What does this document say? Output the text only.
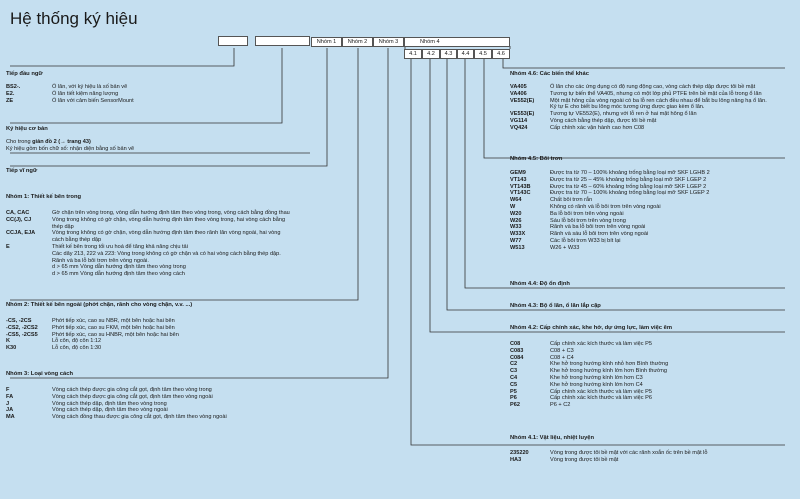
Hệ thống ký hiệu
Nhóm 1	Nhóm 2	Nhóm 3	Nhóm 4
4.1	4.2	4.3	4.4	4.5	4.6
Tiếp đầu ngữ
BS2-.	Ổ lăn, với ký hiệu là số bản vẽ
E2.	Ổ lăn tiết kiệm năng lượng
ZE	Ổ lăn với cảm biến SensorMount
Ký hiệu cơ bản
Cho trong giản đồ 2 (→ trang 43)
Ký hiệu gồm bốn chữ số: nhận diện bằng số bản vẽ
Tiếp vĩ ngữ
Nhóm 1: Thiết kế bên trong
CA, CAC	Gờ chặn trên vòng trong, vòng dẫn hướng định tâm theo vòng trong, vòng cách bằng đồng thau
CC(J), CJ	Vòng trong không có gờ chặn, vòng dẫn hướng định tâm theo vòng trong, hai vòng cách bằng
thép dập
CCJA, EJA	Vòng trong không có gờ chặn, vòng dẫn hướng định tâm theo rãnh lăn vòng ngoài, hai vòng
cách bằng thép dập
E	Thiết kế bên trong tối ưu hoá để tăng khả năng chịu tải
Các dãy 213, 222 và 223: Vòng trong không có gờ chặn và có hai vòng cách bằng thép dập.
Rãnh và ba lỗ bôi trơn trên vòng ngoài.
d > 65 mm Vòng dẫn hướng định tâm theo vòng trong
d > 65 mm Vòng dẫn hướng định tâm theo vòng cách
Nhóm 2: Thiết kế bên ngoài (phớt chặn, rãnh cho vòng chặn, v.v. ...)
-CS, -2CS	Phớt tiếp xúc, cao su NBR, một bên hoặc hai bên
-CS2, -2CS2	Phớt tiếp xúc, cao su FKM, một bên hoặc hai bên
-CS5, -2CS5	Phớt tiếp xúc, cao su HNBR, một bên hoặc hai bên
K	Lỗ côn, độ côn 1:12
K30	Lỗ côn, độ côn 1:30
Nhóm 3: Loại vòng cách
F	Vòng cách thép được gia công cắt gọt, định tâm theo vòng trong
FA	Vòng cách thép được gia công cắt gọt, định tâm theo vòng ngoài
J	Vòng cách thép dập, định tâm theo vòng trong
JA	Vòng cách thép dập, định tâm theo vòng ngoài
MA	Vòng cách đồng thau được gia công cắt gọt, định tâm theo vòng ngoài
Nhóm 4.6: Các biến thể khác
VA405	Ổ lăn cho các ứng dụng có độ rung động cao, vòng cách thép dập được tôi bề mặt
VA406	Tương tự biến thể VA405, nhưng có một lớp phủ PTFE trên bề mặt của lỗ trong ổ lăn
VE552(E)	Một mặt hông của vòng ngoài có ba lỗ ren cách đều nhau để bắt bu lông nâng hạ ổ lăn.
Ký tự E cho biết bu lông móc tương ứng được giao kèm ổ lăn.
VE553(E)	Tương tự VE552(E), nhưng với lỗ ren ở hai mặt hông ổ lăn
VG114	Vòng cách bằng thép dập, được tôi bề mặt
VQ424	Cấp chính xác vận hành cao hơn C08
Nhóm 4.5: Bôi trơn
GEM9	Được tra từ 70 – 100% khoảng trống bằng loại mỡ SKF LGHB 2
VT143	Được tra từ 25 – 45% khoảng trống bằng loại mỡ SKF LGEP 2
VT143B	Được tra từ 45 – 60% khoảng trống bằng loại mỡ SKF LGEP 2
VT143C	Được tra từ 70 – 100% khoảng trống bằng loại mỡ SKF LGEP 2
W64	Chất bôi trơn rắn
W	Không có rãnh và lỗ bôi trơn trên vòng ngoài
W20	Ba lỗ bôi trơn trên vòng ngoài
W26	Sáu lỗ bôi trơn trên vòng trong
W33	Rãnh và ba lỗ bôi trơn trên vòng ngoài
W33X	Rãnh và sáu lỗ bôi trơn trên vòng ngoài
W77	Các lỗ bôi trơn W33 bị bít lại
W513	W26 + W33
Nhóm 4.4: Độ ổn định
Nhóm 4.3: Bộ ổ lăn, ổ lăn lắp cặp
Nhóm 4.2: Cấp chính xác, khe hở, dự ứng lực, làm việc êm
C08	Cấp chính xác kích thước và làm việc P5
C083	C08 + C3
C084	C08 + C4
C2	Khe hở trong hướng kính nhỏ hơn Bình thường
C3	Khe hở trong hướng kính lớn hơn Bình thường
C4	Khe hở trong hướng kính lớn hơn C3
C5	Khe hở trong hướng kính lớn hơn C4
P5	Cấp chính xác kích thước và làm việc P5
P6	Cấp chính xác kích thước và làm việc P6
P62	P6 + C2
Nhóm 4.1: Vật liệu, nhiệt luyện
235220	Vòng trong được tôi bề mặt với các rãnh xoắn ốc trên bề mặt lỗ
HA3	Vòng trong được tôi bề mặt
